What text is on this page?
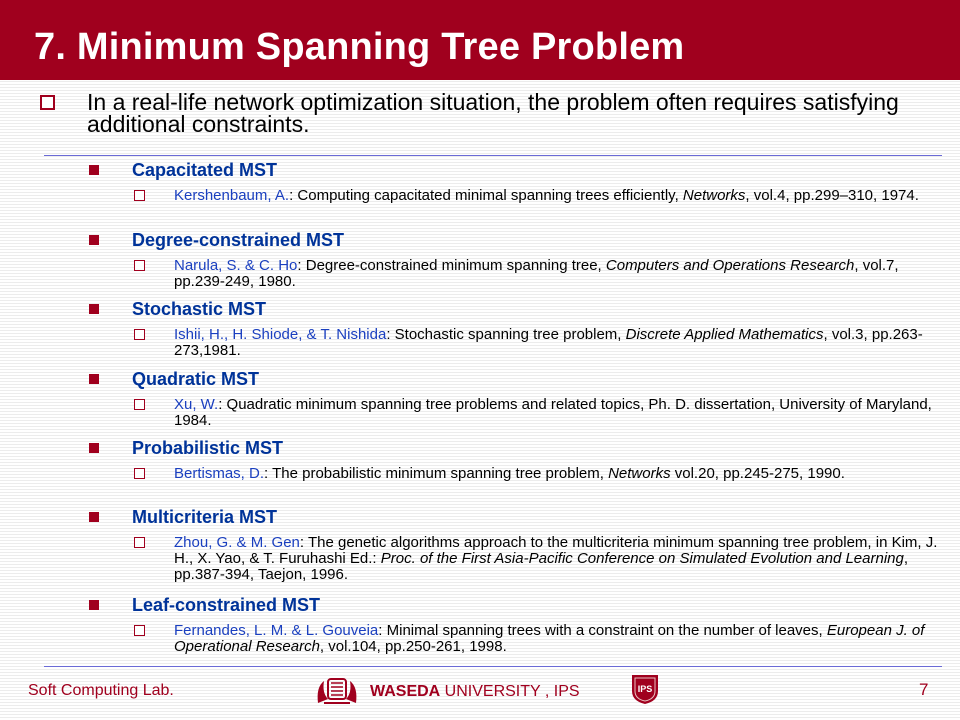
7. Minimum Spanning Tree Problem
In a real-life network optimization situation, the problem often requires satisfying additional constraints.
Capacitated MST
Kershenbaum, A.: Computing capacitated minimal spanning trees efficiently, Networks, vol.4, pp.299–310, 1974.
Degree-constrained MST
Narula, S. & C. Ho: Degree-constrained minimum spanning tree, Computers and Operations Research, vol.7, pp.239-249, 1980.
Stochastic MST
Ishii, H., H. Shiode, & T. Nishida: Stochastic spanning tree problem, Discrete Applied Mathematics, vol.3, pp.263-273,1981.
Quadratic MST
Xu, W.: Quadratic minimum spanning tree problems and related topics, Ph. D. dissertation, University of Maryland, 1984.
Probabilistic MST
Bertismas, D.: The probabilistic minimum spanning tree problem, Networks vol.20, pp.245-275, 1990.
Multicriteria MST
Zhou, G. & M. Gen: The genetic algorithms approach to the multicriteria minimum spanning tree problem, in Kim, J. H., X. Yao, & T. Furuhashi Ed.: Proc. of the First Asia-Pacific Conference on Simulated Evolution and Learning, pp.387-394, Taejon, 1996.
Leaf-constrained MST
Fernandes, L. M. & L. Gouveia: Minimal spanning trees with a constraint on the number of leaves, European J. of Operational Research, vol.104, pp.250-261, 1998.
Soft Computing Lab.	WASEDA UNIVERSITY , IPS	IPS	7
